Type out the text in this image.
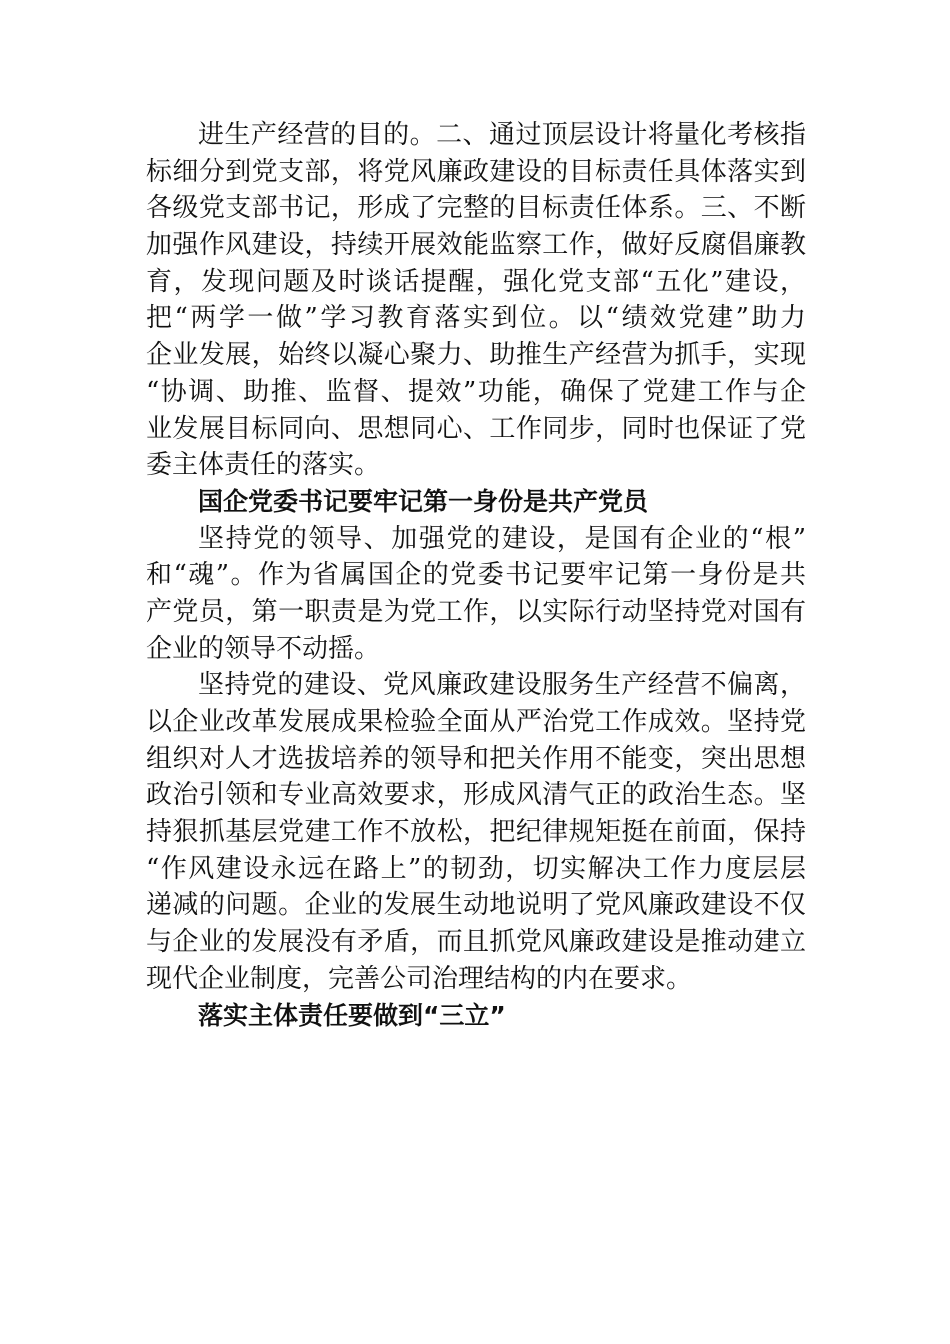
进生产经营的目的。二、通过顶层设计将量化考核指
标细分到党支部，将党风廉政建设的目标责任具体落实到
各级党支部书记，形成了完整的目标责任体系。三、不断
加强作风建设，持续开展效能监察工作，做好反腐倡廉教
育，发现问题及时谈话提醒，强化党支部“五化”建设，
把“两学一做”学习教育落实到位。以“绩效党建”助力
企业发展，始终以凝心聚力、助推生产经营为抓手，实现
“协调、助推、监督、提效”功能，确保了党建工作与企
业发展目标同向、思想同心、工作同步，同时也保证了党
委主体责任的落实。
国企党委书记要牢记第一身份是共产党员
坚持党的领导、加强党的建设，是国有企业的“根”
和“魂”。作为省属国企的党委书记要牢记第一身份是共
产党员，第一职责是为党工作，以实际行动坚持党对国有
企业的领导不动摇。
坚持党的建设、党风廉政建设服务生产经营不偏离，
以企业改革发展成果检验全面从严治党工作成效。坚持党
组织对人才选拔培养的领导和把关作用不能变，突出思想
政治引领和专业高效要求，形成风清气正的政治生态。坚
持狠抓基层党建工作不放松，把纪律规矩挺在前面，保持
“作风建设永远在路上”的韧劲，切实解决工作力度层层
递减的问题。企业的发展生动地说明了党风廉政建设不仅
与企业的发展没有矛盾，而且抓党风廉政建设是推动建立
现代企业制度，完善公司治理结构的内在要求。
落实主体责任要做到“三立”
